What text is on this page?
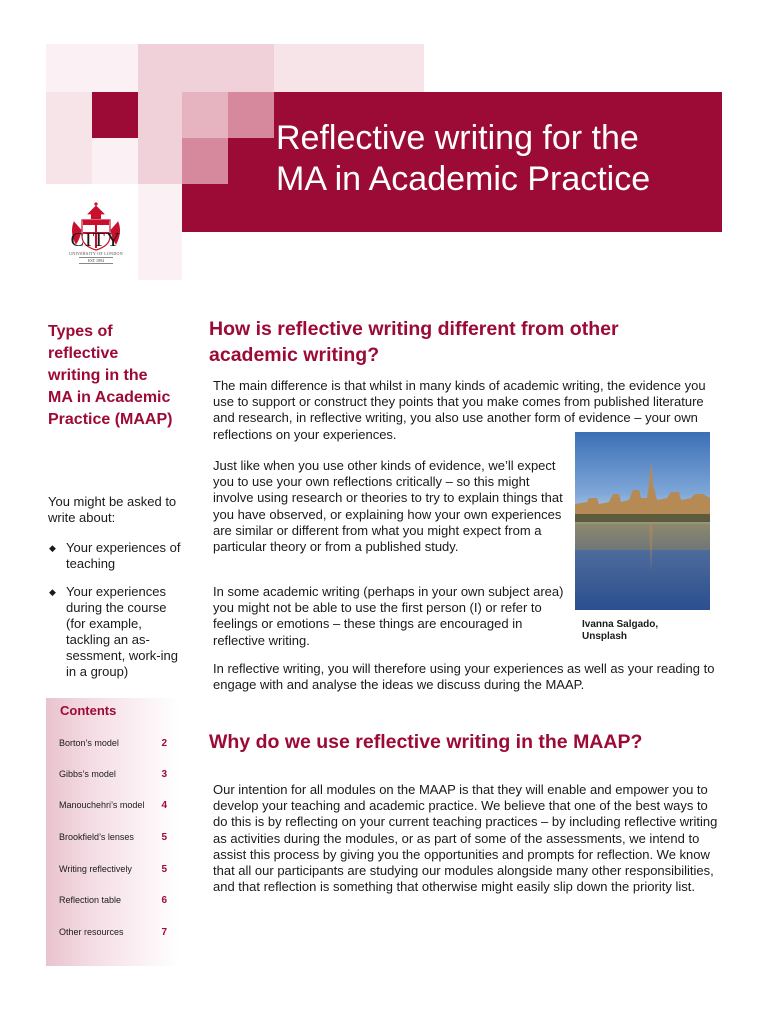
Reflective writing for the
MA in Academic Practice
CITY
UNIVERSITY OF LONDON
EST 1894
Types of reflective writing in the MA in Academic Practice (MAAP)
You might be asked to write about:
◆ Your experiences of teaching
◆ Your experiences during the course (for example, tackling an as-sessment, work-ing in a group)
Contents
Borton’s model	2
Gibbs’s model	3
Manouchehri’s model	4
Brookfield’s lenses	5
Writing reflectively	5
Reflection table	6
Other resources	7
How is reflective writing different from other academic writing?
The main difference is that whilst in many kinds of academic writing, the evidence you use to support or construct they points that you make comes from published literature and research, in reflective writing, you also use another form of evidence – your own reflections on your experiences.
Just like when you use other kinds of evidence, we’ll expect you to use your own reflections critically – so this might involve using research or theories to try to explain things that you have observed, or explaining how your own experiences are similar or different from what you might expect from a particular theory or from a published study.
In some academic writing (perhaps in your own subject area) you might not be able to use the first person (I) or refer to feelings or emotions – these things are encouraged in reflective writing.
In reflective writing, you will therefore using your experiences as well as your reading to engage with and analyse the ideas we discuss during the MAAP.
Ivanna Salgado, Unsplash
Why do we use reflective writing in the MAAP?
Our intention for all modules on the MAAP is that they will enable and empower you to develop your teaching and academic practice. We believe that one of the best ways to do this is by reflecting on your current teaching practices – by including reflective writing as activities during the modules, or as part of some of the assessments, we intend to assist this process by giving you the opportunities and prompts for reflection. We know that all our participants are studying our modules alongside many other responsibilities, and that reflection is something that otherwise might easily slip down the priority list.
